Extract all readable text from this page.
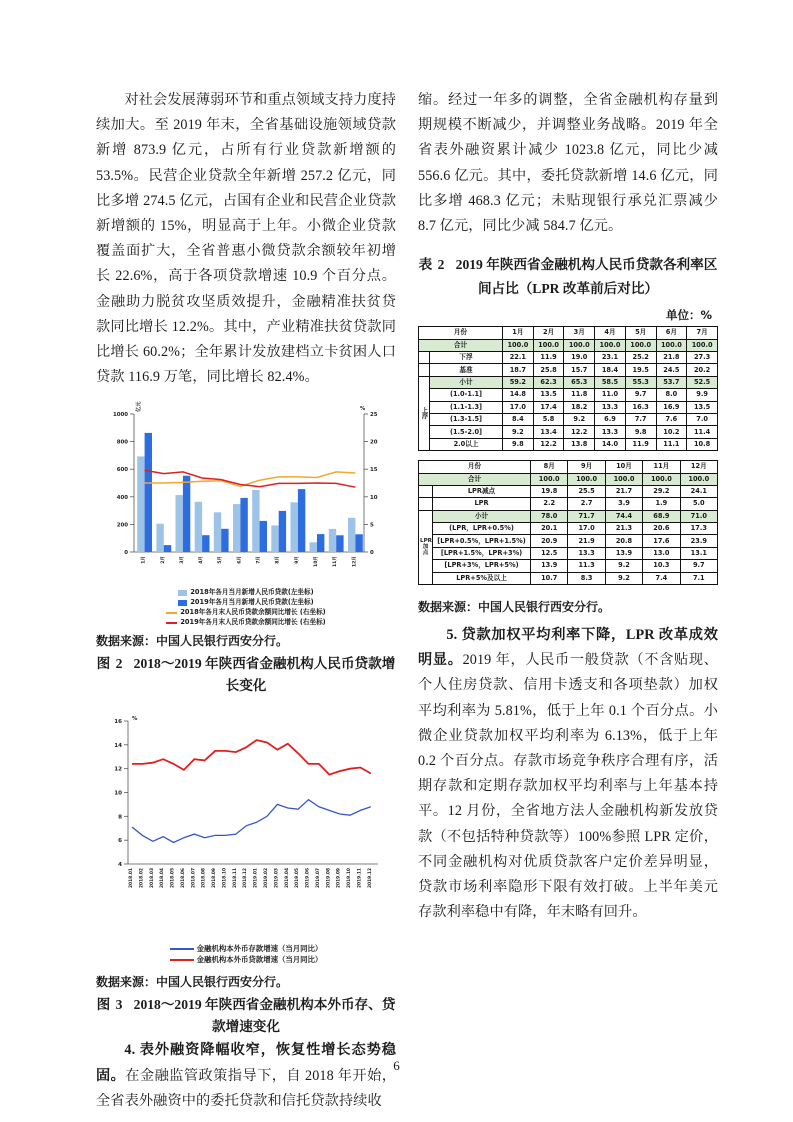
对社会发展薄弱环节和重点领域支持力度持续加大。至 2019 年末，全省基础设施领域贷款新增 873.9 亿元，占所有行业贷款新增额的 53.5%。民营企业贷款全年新增 257.2 亿元，同比多增 274.5 亿元，占国有企业和民营企业贷款新增额的 15%，明显高于上年。小微企业贷款覆盖面扩大，全省普惠小微贷款余额较年初增长 22.6%，高于各项贷款增速 10.9 个百分点。金融助力脱贫攻坚质效提升，金融精准扶贫贷款同比增长 12.2%。其中，产业精准扶贫贷款同比增长 60.2%；全年累计发放建档立卡贫困人口贷款 116.9 万笔，同比增长 82.4%。

0
200
400
600
800
1000
0
5
10
15
20
25
亿元	%
1月	2月	3月	4月	5月	6月	7月	8月	9月	10月	11月	12月
2018年各月当月新增人民币贷款(左坐标)
2019年各月当月新增人民币贷款(左坐标)
2018年各月末人民币贷款余额同比增长 (右坐标)
2019年各月末人民币贷款余额同比增长 (右坐标)

数据来源：中国人民银行西安分行。

图 2 2018～2019 年陕西省金融机构人民币贷款增长变化

4
6
8
10
12
14
16 %
2018.01 2018.02 2018.03 2018.04 2018.05 2018.06 2018.07 2018.08 2018.09 2018.10 2018.11 2018.12 2019.01 2019.02 2019.03 2019.04 2019.05 2019.06 2019.07 2019.08 2019.09 2019.10 2019.11 2019.12
金融机构本外币存款增速（当月同比）
金融机构本外币贷款增速（当月同比）

数据来源：中国人民银行西安分行。

图 3 2018～2019 年陕西省金融机构本外币存、贷款增速变化

4. 表外融资降幅收窄，恢复性增长态势稳固。在金融监管政策指导下，自 2018 年开始，全省表外融资中的委托贷款和信托贷款持续收

缩。经过一年多的调整，全省金融机构存量到期规模不断减少，并调整业务战略。2019 年全省表外融资累计减少 1023.8 亿元，同比少减 556.6 亿元。其中，委托贷款新增 14.6 亿元，同比多增 468.3 亿元；未贴现银行承兑汇票减少 8.7 亿元，同比少减 584.7 亿元。

表 2 2019 年陕西省金融机构人民币贷款各利率区间占比（LPR 改革前后对比）

单位：%
月份		1月	2月	3月	4月	5月	6月	7月
合计		100.0	100.0	100.0	100.0	100.0	100.0	100.0
	下浮	22.1	11.9	19.0	23.1	25.2	21.8	27.3
	基准	18.7	25.8	15.7	18.4	19.5	24.5	20.2
上浮	小计	59.2	62.3	65.3	58.5	55.3	53.7	52.5
	(1.0-1.1]	14.8	13.5	11.8	11.0	9.7	8.0	9.9
	(1.1-1.3]	17.0	17.4	18.2	13.3	16.3	16.9	13.5
	(1.3-1.5]	8.4	5.8	9.2	6.9	7.7	7.6	7.0
	(1.5-2.0]	9.2	13.4	12.2	13.3	9.8	10.2	11.4
	2.0以上	9.8	12.2	13.8	14.0	11.9	11.1	10.8
月份		8月	9月	10月	11月	12月
合计		100.0	100.0	100.0	100.0	100.0
	LPR减点	19.8	25.5	21.7	29.2	24.1
	LPR	2.2	2.7	3.9	1.9	5.0
LPR 加点	小计	78.0	71.7	74.4	68.9	71.0
	(LPR，LPR+0.5%)	20.1	17.0	21.3	20.6	17.3
	[LPR+0.5%，LPR+1.5%)	20.9	21.9	20.8	17.6	23.9
	[LPR+1.5%，LPR+3%)	12.5	13.3	13.9	13.0	13.1
	[LPR+3%，LPR+5%)	13.9	11.3	9.2	10.3	9.7
	LPR+5%及以上	10.7	8.3	9.2	7.4	7.1

数据来源：中国人民银行西安分行。

5. 贷款加权平均利率下降，LPR 改革成效明显。2019 年，人民币一般贷款（不含贴现、个人住房贷款、信用卡透支和各项垫款）加权平均利率为 5.81%，低于上年 0.1 个百分点。小微企业贷款加权平均利率为 6.13%，低于上年 0.2 个百分点。存款市场竞争秩序合理有序，活期存款和定期存款加权平均利率与上年基本持平。12 月份，全省地方法人金融机构新发放贷款（不包括特种贷款等）100%参照 LPR 定价，不同金融机构对优质贷款客户定价差异明显，贷款市场利率隐形下限有效打破。上半年美元存款利率稳中有降，年末略有回升。

6
